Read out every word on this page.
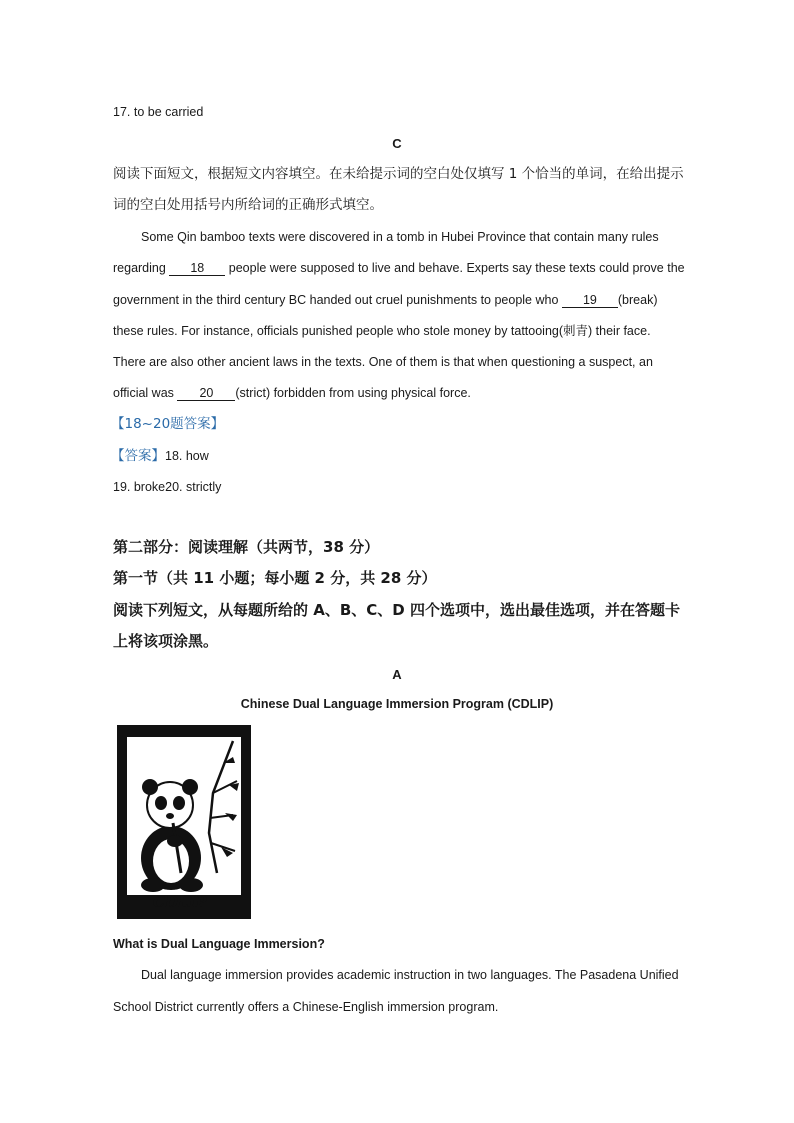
17. to be carried
C
阅读下面短文，根据短文内容填空。在未给提示词的空白处仅填写 1 个恰当的单词，在给出提示
词的空白处用括号内所给词的正确形式填空。
Some Qin bamboo texts were discovered in a tomb in Hubei Province that contain many rules
regarding 18 people were supposed to live and behave. Experts say these texts could prove the
government in the third century BC handed out cruel punishments to people who 19 (break)
these rules. For instance, officials punished people who stole money by tattooing(刺青) their face.
There are also other ancient laws in the texts. One of them is that when questioning a suspect, an
official was 20 (strict) forbidden from using physical force.
【18~20题答案】
【答案】18. how
19. broke20. strictly
第二部分：阅读理解（共两节，38 分）
第一节（共 11 小题；每小题 2 分，共 28 分）
阅读下列短文，从每题所给的 A、B、C、D 四个选项中，选出最佳选项，并在答题卡
上将该项涂黑。
A
Chinese Dual Language Immersion Program (CDLIP)
CDLIP
What is Dual Language Immersion?
Dual language immersion provides academic instruction in two languages. The Pasadena Unified
School District currently offers a Chinese-English immersion program.
